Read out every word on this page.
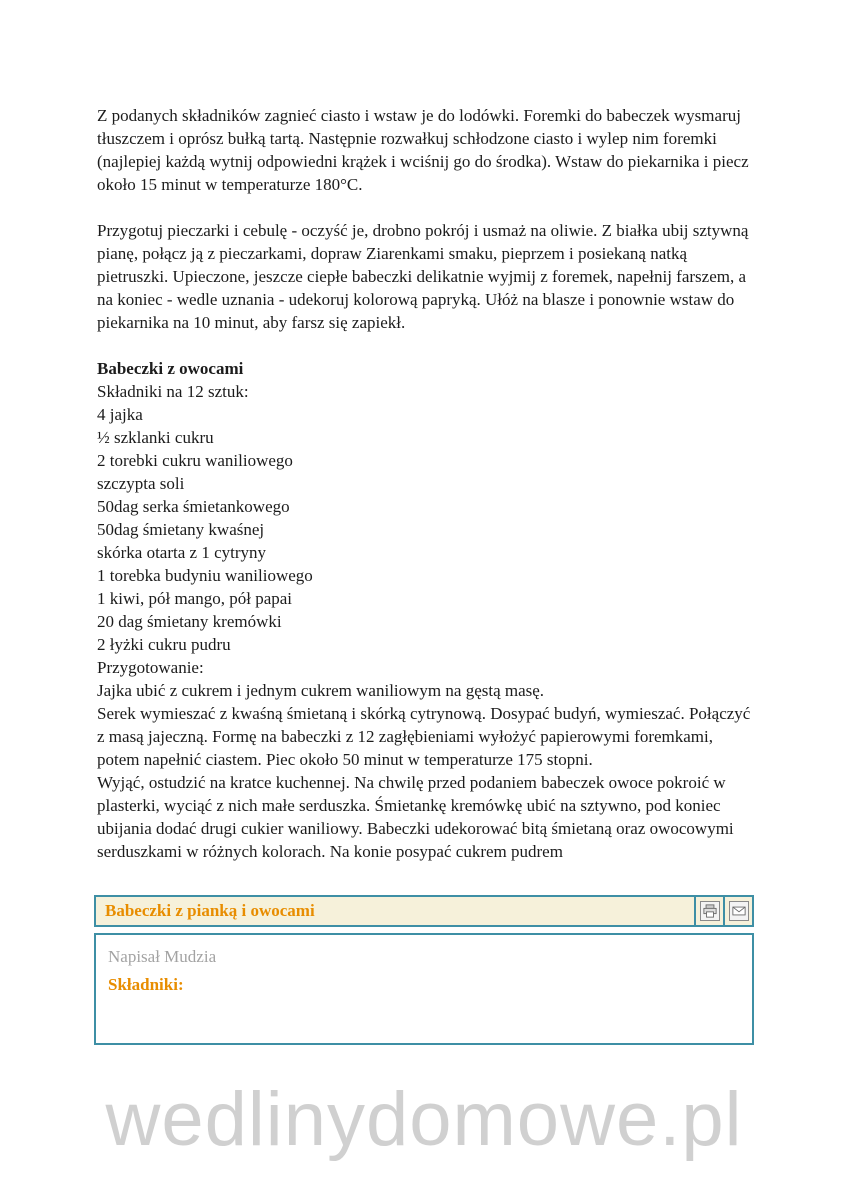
Z podanych składników zagnieć ciasto i wstaw je do lodówki. Foremki do babeczek wysmaruj tłuszczem i oprósz bułką tartą. Następnie rozwałkuj schłodzone ciasto i wylep nim foremki (najlepiej każdą wytnij odpowiedni krążek i wciśnij go do środka). Wstaw do piekarnika i piecz około 15 minut w temperaturze 180°C.

Przygotuj pieczarki i cebulę - oczyść je, drobno pokrój i usmaż na oliwie. Z białka ubij sztywną pianę, połącz ją z pieczarkami, dopraw Ziarenkami smaku, pieprzem i posiekaną natką pietruszki. Upieczone, jeszcze ciepłe babeczki delikatnie wyjmij z foremek, napełnij farszem, a na koniec - wedle uznania - udekoruj kolorową papryką. Ułóż na blasze i ponownie wstaw do piekarnika na 10 minut, aby farsz się zapiekł.

Babeczki z owocami
Składniki na 12 sztuk:
4 jajka
½ szklanki cukru
2 torebki cukru waniliowego
szczypta soli
50dag serka śmietankowego
50dag śmietany kwaśnej
skórka otarta z 1 cytryny
1 torebka budyniu waniliowego
1 kiwi, pół mango, pół papai
20 dag śmietany kremówki
2 łyżki cukru pudru
Przygotowanie:
Jajka ubić z cukrem i jednym cukrem waniliowym na gęstą masę.
Serek wymieszać z kwaśną śmietaną i skórką cytrynową. Dosypać budyń, wymieszać. Połączyć z masą jajeczną. Formę na babeczki z 12 zagłębieniami wyłożyć papierowymi foremkami, potem napełnić ciastem. Piec około 50 minut w temperaturze 175 stopni.
Wyjąć, ostudzić na kratce kuchennej. Na chwilę przed podaniem babeczek owoce pokroić w plasterki, wyciąć z nich małe serduszka. Śmietankę kremówkę ubić na sztywno, pod koniec ubijania dodać drugi cukier waniliowy. Babeczki udekorować bitą śmietaną oraz owocowymi serduszkami w różnych kolorach. Na konie posypać cukrem pudrem
Babeczki z pianką i owocami
Napisał Mudzia
Składniki:
wedlinydomowe.pl
